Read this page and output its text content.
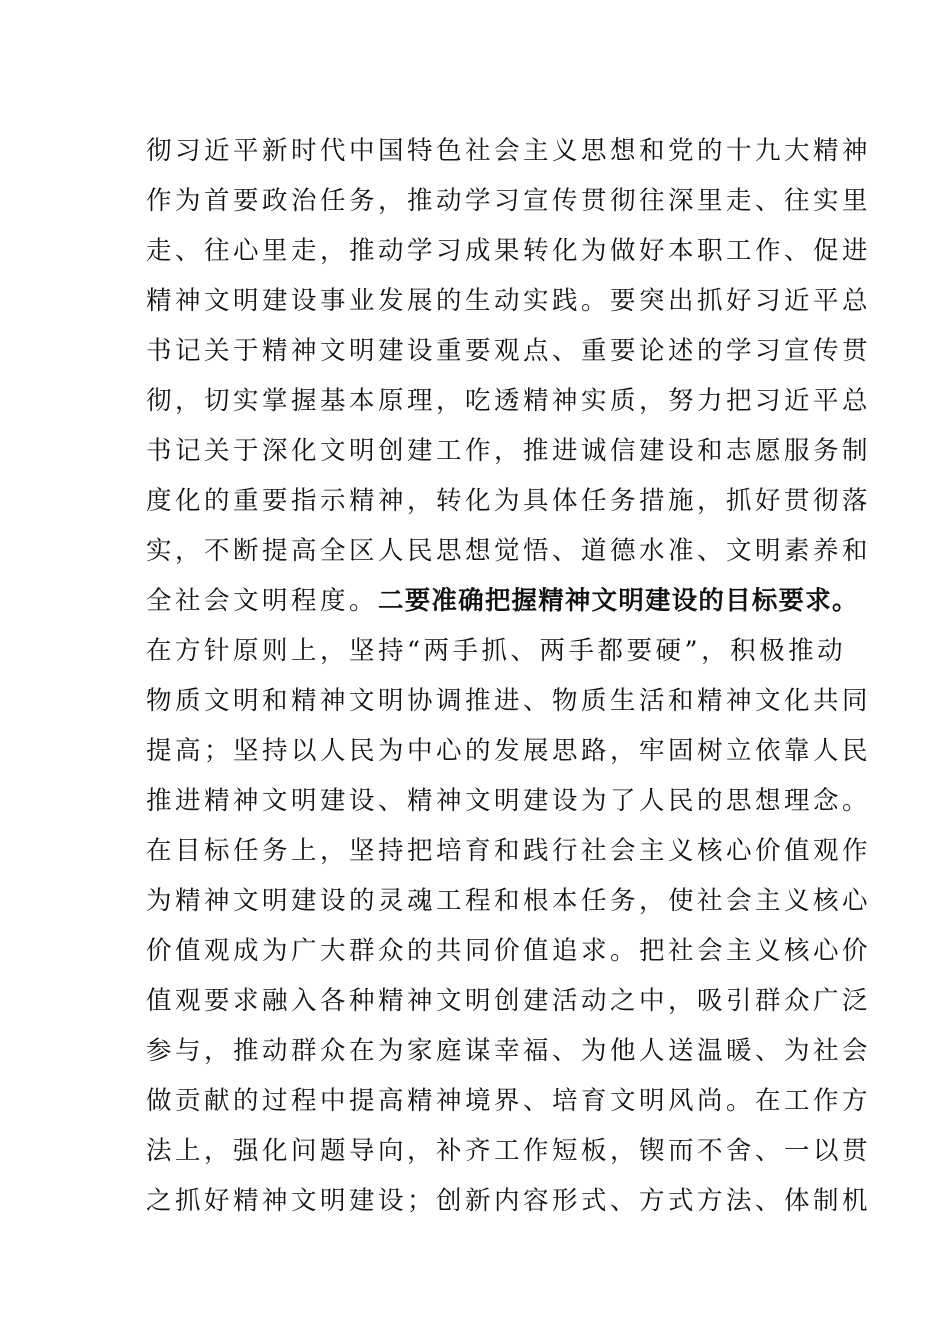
彻习近平新时代中国特色社会主义思想和党的十九大精神
作为首要政治任务，推动学习宣传贯彻往深里走、往实里
走、往心里走，推动学习成果转化为做好本职工作、促进
精神文明建设事业发展的生动实践。要突出抓好习近平总
书记关于精神文明建设重要观点、重要论述的学习宣传贯
彻，切实掌握基本原理，吃透精神实质，努力把习近平总
书记关于深化文明创建工作，推进诚信建设和志愿服务制
度化的重要指示精神，转化为具体任务措施，抓好贯彻落
实，不断提高全区人民思想觉悟、道德水准、文明素养和
全社会文明程度。二要准确把握精神文明建设的目标要求。
在方针原则上，坚持“两手抓、两手都要硬”，积极推动
物质文明和精神文明协调推进、物质生活和精神文化共同
提高；坚持以人民为中心的发展思路，牢固树立依靠人民
推进精神文明建设、精神文明建设为了人民的思想理念。
在目标任务上，坚持把培育和践行社会主义核心价值观作
为精神文明建设的灵魂工程和根本任务，使社会主义核心
价值观成为广大群众的共同价值追求。把社会主义核心价
值观要求融入各种精神文明创建活动之中，吸引群众广泛
参与，推动群众在为家庭谋幸福、为他人送温暖、为社会
做贡献的过程中提高精神境界、培育文明风尚。在工作方
法上，强化问题导向，补齐工作短板，锲而不舍、一以贯
之抓好精神文明建设；创新内容形式、方式方法、体制机
